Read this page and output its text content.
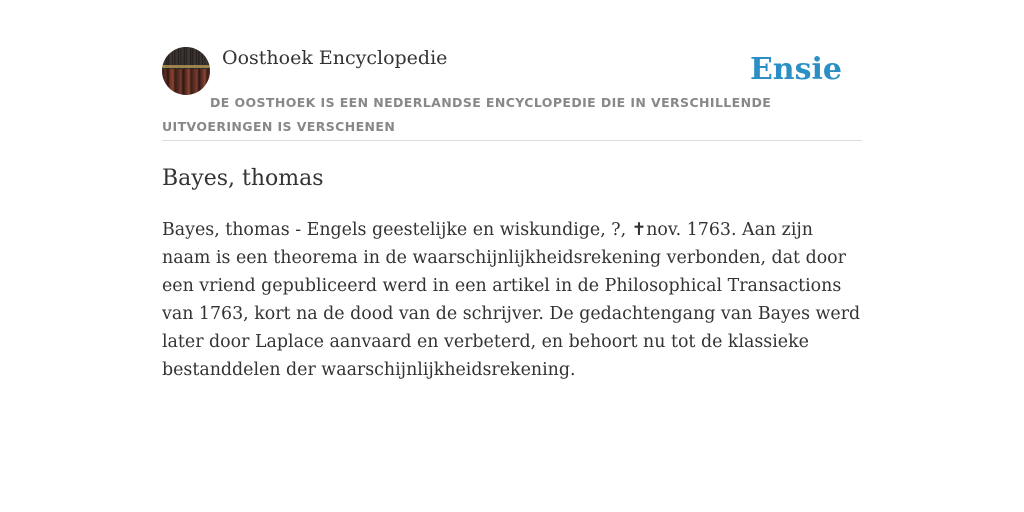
Oosthoek Encyclopedie	Ensie
DE OOSTHOEK IS EEN NEDERLANDSE ENCYCLOPEDIE DIE IN VERSCHILLENDE UITVOERINGEN IS VERSCHENEN
Bayes, thomas

Bayes, thomas - Engels geestelijke en wiskundige, ?, ✝nov. 1763. Aan zijn naam is een theorema in de waarschijnlijkheidsrekening verbonden, dat door een vriend gepubliceerd werd in een artikel in de Philosophical Transactions van 1763, kort na de dood van de schrijver. De gedachtengang van Bayes werd later door Laplace aanvaard en verbeterd, en behoort nu tot de klassieke bestanddelen der waarschijnlijkheidsrekening.
